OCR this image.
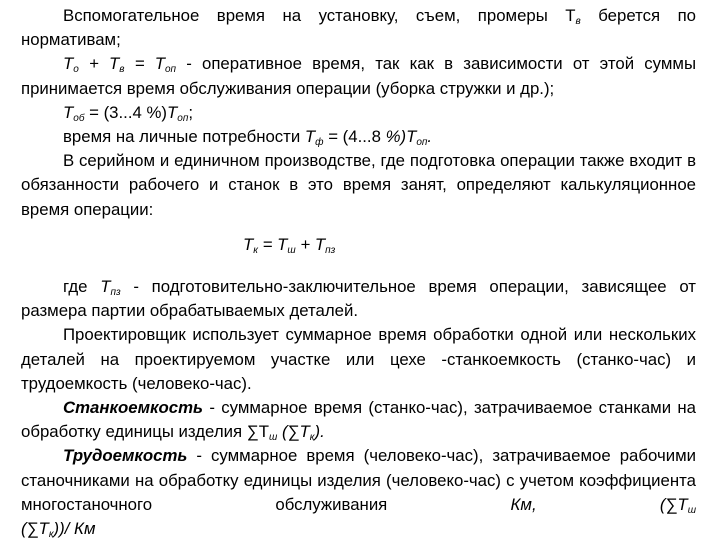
Вспомогательное время на установку, съем, промеры $Т_в$ берется по нормативам;

$Т_о + Т_в = Т_{оп}$ - оперативное время, так как в зависимости от этой суммы принимается время обслуживания операции (уборка стружки и др.);

$Т_{об} = (3...4$ $\%)Т_{оп}$;

время на личные потребности $Т_ф = (4...8$ $\%)Т_{оп}$.

В серийном и единичном производстве, где подготовка операции также входит в обязанности рабочего и станок в это время занят, определяют калькуляционное время операции:

$Т_к = Т_ш + Т_{пз}$

где $Т_{пз}$ - подготовительно-заключительное время операции, зависящее от размера партии обрабатываемых деталей.

Проектировщик использует суммарное время обработки одной или нескольких деталей на проектируемом участке или цехе -станкоемкость (станко-час) и трудоемкость (человеко-час).

Станкоемкость - суммарное время (станко-час), затрачиваемое станками на обработку единицы изделия $\sum Т_ш$ $(\sum Т_к)$.

Трудоемкость - суммарное время (человеко-час), затрачиваемое рабочими станочниками на обработку единицы изделия (человеко-час) с учетом коэффициента многостаночного обслуживания Км, ($\sum Т_ш$

$(\sum Т_к))/$ Км
